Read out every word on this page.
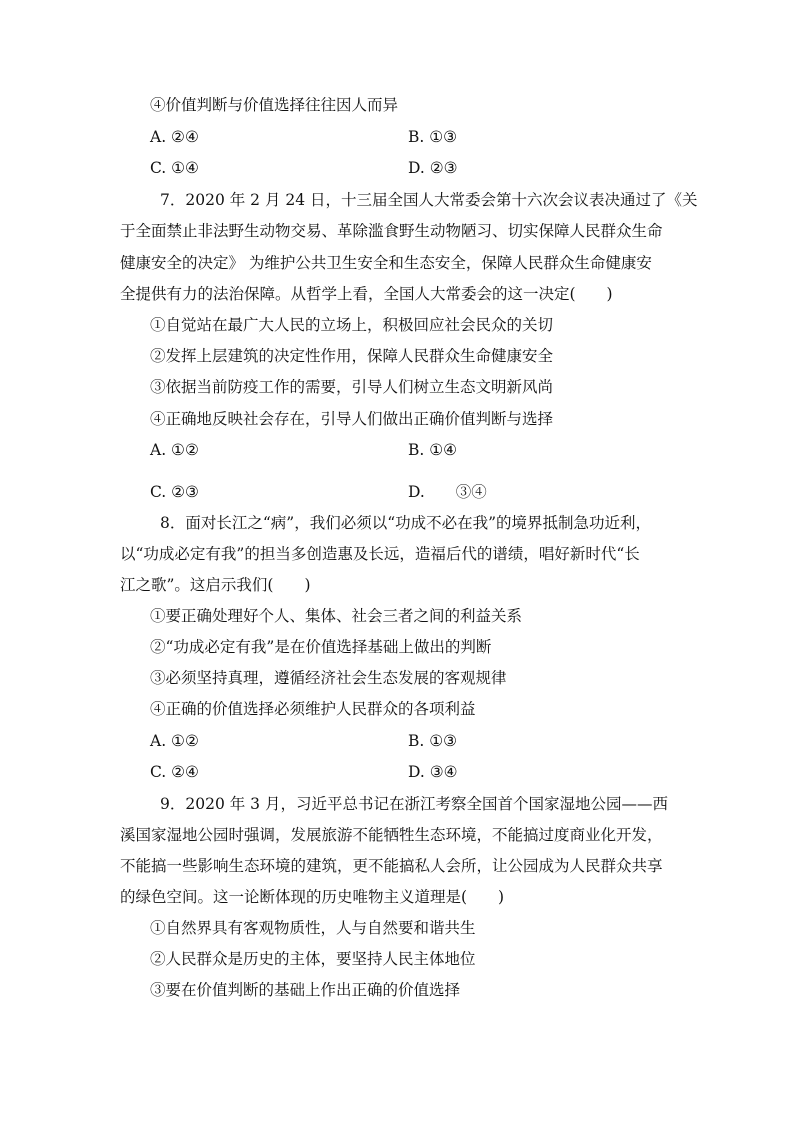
④价值判断与价值选择往往因人而异
A. ②④	B. ①③
C. ①④	D. ②③
7．2020 年 2 月 24 日，十三届全国人大常委会第十六次会议表决通过了《关
于全面禁止非法野生动物交易、革除滥食野生动物陋习、切实保障人民群众生命
健康安全的决定》 为维护公共卫生安全和生态安全，保障人民群众生命健康安
全提供有力的法治保障。从哲学上看，全国人大常委会的这一决定(　　)
①自觉站在最广大人民的立场上，积极回应社会民众的关切
②发挥上层建筑的决定性作用，保障人民群众生命健康安全
③依据当前防疫工作的需要，引导人们树立生态文明新风尚
④正确地反映社会存在，引导人们做出正确价值判断与选择
A. ①②	B. ①④
C. ②③	D.　　③④
8．面对长江之“病”，我们必须以“功成不必在我”的境界抵制急功近利，
以“功成必定有我”的担当多创造惠及长远，造福后代的谱绩，唱好新时代“长
江之歌”。这启示我们(　　)
①要正确处理好个人、集体、社会三者之间的利益关系
②“功成必定有我”是在价值选择基础上做出的判断
③必须坚持真理，遵循经济社会生态发展的客观规律
④正确的价值选择必须维护人民群众的各项利益
A. ①②	B. ①③
C. ②④	D. ③④
9．2020 年 3 月，习近平总书记在浙江考察全国首个国家湿地公园——西
溪国家湿地公园时强调，发展旅游不能牺牲生态环境，不能搞过度商业化开发，
不能搞一些影响生态环境的建筑，更不能搞私人会所，让公园成为人民群众共享
的绿色空间。这一论断体现的历史唯物主义道理是(　　)
①自然界具有客观物质性，人与自然要和谐共生
②人民群众是历史的主体，要坚持人民主体地位
③要在价值判断的基础上作出正确的价值选择
